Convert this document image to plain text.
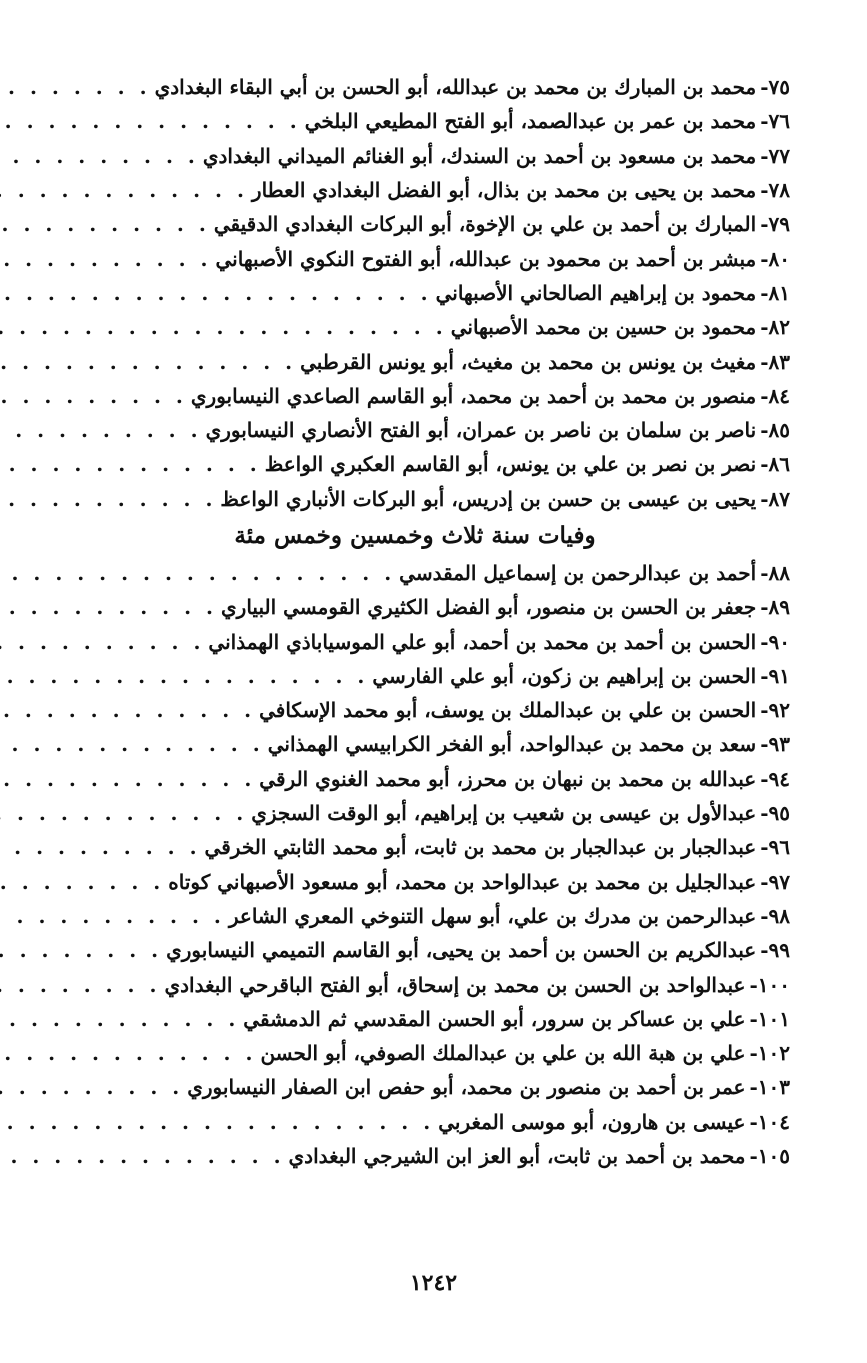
٧٥-
محمد بن المبارك بن محمد بن عبدالله، أبو الحسن بن أبي البقاء البغدادي
. . .
٧٦-
محمد بن عمر بن عبدالصمد، أبو الفتح المطيعي البلخي
. . .
٧٧-
محمد بن مسعود بن أحمد بن السندك، أبو الغنائم الميداني البغدادي
. . .
٧٨-
محمد بن يحيى بن محمد بن بذال، أبو الفضل البغدادي العطار
. . .
٧٩-
المبارك بن أحمد بن علي بن الإخوة، أبو البركات البغدادي الدقيقي
. . .
٨٠-
مبشر بن أحمد بن محمود بن عبدالله، أبو الفتوح النكوي الأصبهاني
. . .
٨١-
محمود بن إبراهيم الصالحاني الأصبهاني
. . .
٨٢-
محمود بن حسين بن محمد الأصبهاني
. . .
٨٣-
مغيث بن يونس بن محمد بن مغيث، أبو يونس القرطبي
. . .
٨٤-
منصور بن محمد بن أحمد بن محمد، أبو القاسم الصاعدي النيسابوري
. . .
٨٥-
ناصر بن سلمان بن ناصر بن عمران، أبو الفتح الأنصاري النيسابوري
. . .
٨٦-
نصر بن نصر بن علي بن يونس، أبو القاسم العكبري الواعظ
. . .
٨٧-
يحيى بن عيسى بن حسن بن إدريس، أبو البركات الأنباري الواعظ
. . .
وفيات سنة ثلاث وخمسين وخمس مئة
٨٨-
أحمد بن عبدالرحمن بن إسماعيل المقدسي
. . .
٨٩-
جعفر بن الحسن بن منصور، أبو الفضل الكثيري القومسي البياري
. . .
٩٠-
الحسن بن أحمد بن محمد بن أحمد، أبو علي الموسياباذي الهمذاني
. . .
٩١-
الحسن بن إبراهيم بن زكون، أبو علي الفارسي
. . .
٩٢-
الحسن بن علي بن عبدالملك بن يوسف، أبو محمد الإسكافي
. . .
٩٣-
سعد بن محمد بن عبدالواحد، أبو الفخر الكرابيسي الهمذاني
. . .
٩٤-
عبدالله بن محمد بن نبهان بن محرز، أبو محمد الغنوي الرقي
. . .
٩٥-
عبدالأول بن عيسى بن شعيب بن إبراهيم، أبو الوقت السجزي
. . .
٩٦-
عبدالجبار بن عبدالجبار بن محمد بن ثابت، أبو محمد الثابتي الخرقي
. . .
٩٧-
عبدالجليل بن محمد بن عبدالواحد بن محمد، أبو مسعود الأصبهاني كوتاه
. . .
٩٨-
عبدالرحمن بن مدرك بن علي، أبو سهل التنوخي المعري الشاعر
. . .
٩٩-
عبدالكريم بن الحسن بن أحمد بن يحيى، أبو القاسم التميمي النيسابوري
. . .
١٠٠-
عبدالواحد بن الحسن بن محمد بن إسحاق، أبو الفتح الباقرحي البغدادي
. . .
١٠١-
علي بن عساكر بن سرور، أبو الحسن المقدسي ثم الدمشقي
. . .
١٠٢-
علي بن هبة الله بن علي بن عبدالملك الصوفي، أبو الحسن
. . .
١٠٣-
عمر بن أحمد بن منصور بن محمد، أبو حفص ابن الصفار النيسابوري
. . .
١٠٤-
عيسى بن هارون، أبو موسى المغربي
. . .
١٠٥-
محمد بن أحمد بن ثابت، أبو العز ابن الشيرجي البغدادي
. . .
١٢٤٢
